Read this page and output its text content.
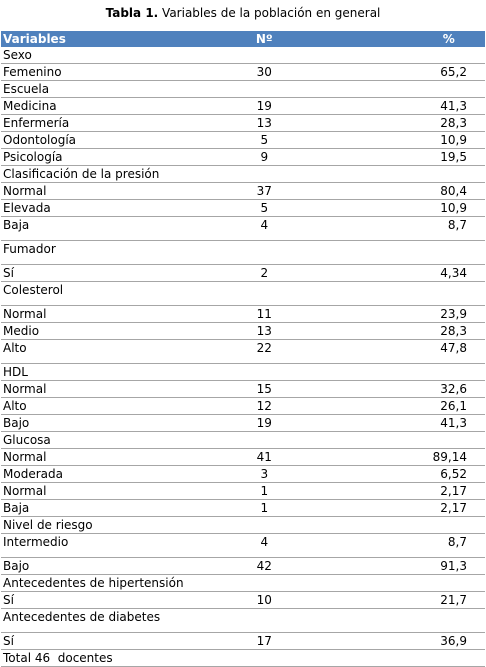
Tabla 1. Variables de la población en general
Variables	Nº	%
Sexo		
Femenino	30	65,2
Escuela		
Medicina	19	41,3
Enfermería	13	28,3
Odontología	5	10,9
Psicología	9	19,5
Clasificación de la presión		
Normal	37	80,4
Elevada	5	10,9
Baja	4	8,7
Fumador		
Sí	2	4,34
Colesterol		
Normal	11	23,9
Medio	13	28,3
Alto	22	47,8
HDL		
Normal	15	32,6
Alto	12	26,1
Bajo	19	41,3
Glucosa		
Normal	41	89,14
Moderada	3	6,52
Normal	1	2,17
Baja	1	2,17
Nivel de riesgo		
Intermedio	4	8,7
Bajo	42	91,3
Antecedentes de hipertensión		
Sí	10	21,7
Antecedentes de diabetes		
Sí	17	36,9
Total 46  docentes		
